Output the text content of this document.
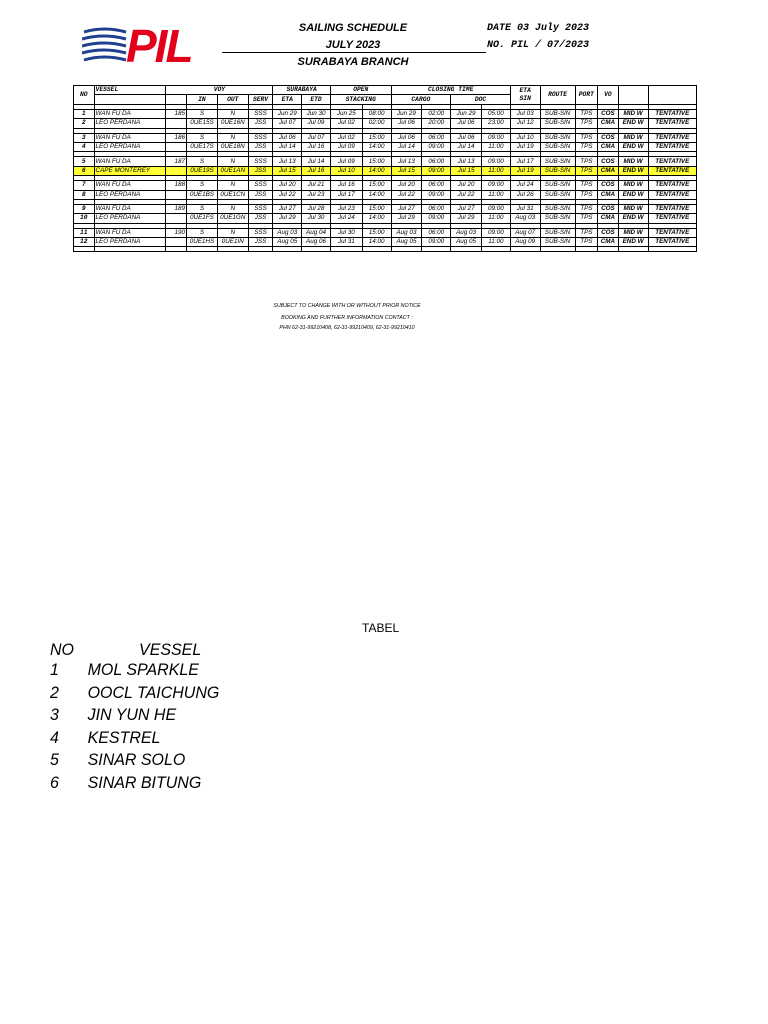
PIL	SAILING SCHEDULE
JULY 2023
SURABAYA BRANCH
DATE 03 July 2023
NO. PIL / 07/2023
NO	VESSEL	VOY				SURABAYA		OPEN		CLOSING TIME				ETA
SIN	ROUTE	PORT	VO		
			IN	OUT	SERV	ETA	ETD	STACKING		CARGO		DOC							

1	WAN FU DA	185	S	N	SSS	Jun 29	Jun 30	Jun 25	08:00	Jun 29	02:00	Jun 29	05:00	Jul 03	SUB-SIN	TPS	COS	MID W	TENTATIVE
2	LEO PERDANA		0UE15S	0UE16N	JSS	Jul 07	Jul 09	Jul 02	02:00	Jul 06	20:00	Jul 06	23:00	Jul 12	SUB-SIN	TPS	CMA	END W	TENTATIVE

3	WAN FU DA	186	S	N	SSS	Jul 06	Jul 07	Jul 02	15:00	Jul 06	06:00	Jul 06	09:00	Jul 10	SUB-SIN	TPS	COS	MID W	TENTATIVE
4	LEO PERDANA		0UE17S	0UE18N	JSS	Jul 14	Jul 16	Jul 09	14:00	Jul 14	09:00	Jul 14	11:00	Jul 19	SUB-SIN	TPS	CMA	END W	TENTATIVE

5	WAN FU DA	187	S	N	SSS	Jul 13	Jul 14	Jul 09	15:00	Jul 13	06:00	Jul 13	09:00	Jul 17	SUB-SIN	TPS	COS	MID W	TENTATIVE
6	CAPE MONTEREY		0UE19S	0UE1AN	JSS	Jul 15	Jul 16	Jul 10	14:00	Jul 15	09:00	Jul 15	11:00	Jul 19	SUB-SIN	TPS	CMA	END W	TENTATIVE

7	WAN FU DA	188	S	N	SSS	Jul 20	Jul 21	Jul 16	15:00	Jul 20	06:00	Jul 20	09:00	Jul 24	SUB-SIN	TPS	COS	MID W	TENTATIVE
8	LEO PERDANA		0UE1BS	0UE1CN	JSS	Jul 22	Jul 23	Jul 17	14:00	Jul 22	09:00	Jul 22	11:00	Jul 26	SUB-SIN	TPS	CMA	END W	TENTATIVE

9	WAN FU DA	189	S	N	SSS	Jul 27	Jul 28	Jul 23	15:00	Jul 27	06:00	Jul 27	09:00	Jul 31	SUB-SIN	TPS	COS	MID W	TENTATIVE
10	LEO PERDANA		0UE1FS	0UE1GN	JSS	Jul 29	Jul 30	Jul 24	14:00	Jul 29	09:00	Jul 29	11:00	Aug 03	SUB-SIN	TPS	CMA	END W	TENTATIVE

11	WAN FU DA	190	S	N	SSS	Aug 03	Aug 04	Jul 30	15:00	Aug 03	06:00	Aug 03	09:00	Aug 07	SUB-SIN	TPS	COS	MID W	TENTATIVE
12	LEO PERDANA		0UE1HS	0UE1IN	JSS	Aug 05	Aug 06	Jul 31	14:00	Aug 05	09:00	Aug 05	11:00	Aug 09	SUB-SIN	TPS	CMA	END W	TENTATIVE

SUBJECT TO CHANGE WITH OR WITHOUT PRIOR NOTICE
BOOKING AND FURTHER INFORMATION CONTACT :
PHN 62-31-99210408, 62-31-99210409, 62-31-99210410
TABEL
NO	VESSEL
1 MOL SPARKLE
2 OOCL TAICHUNG
3 JIN YUN HE
4 KESTREL
5 SINAR SOLO
6 SINAR BITUNG
